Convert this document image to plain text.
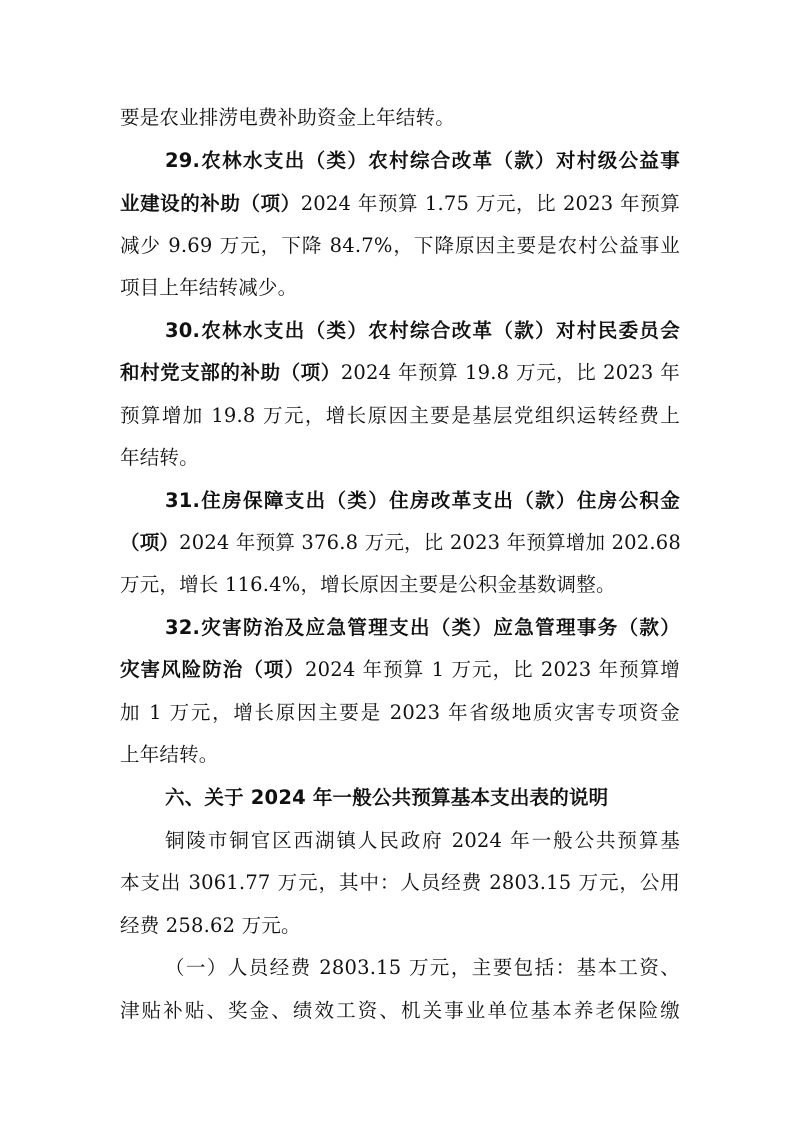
要是农业排涝电费补助资金上年结转。
29.农林水支出（类）农村综合改革（款）对村级公益事
业建设的补助（项）2024 年预算 1.75 万元，比 2023 年预算
减少 9.69 万元，下降 84.7%，下降原因主要是农村公益事业
项目上年结转减少。
30.农林水支出（类）农村综合改革（款）对村民委员会
和村党支部的补助（项）2024 年预算 19.8 万元，比 2023 年
预算增加 19.8 万元，增长原因主要是基层党组织运转经费上
年结转。
31.住房保障支出（类）住房改革支出（款）住房公积金
（项）2024 年预算 376.8 万元，比 2023 年预算增加 202.68
万元，增长 116.4%，增长原因主要是公积金基数调整。
32.灾害防治及应急管理支出（类）应急管理事务（款）
灾害风险防治（项）2024 年预算 1 万元，比 2023 年预算增
加 1 万元，增长原因主要是 2023 年省级地质灾害专项资金
上年结转。
六、关于 2024 年一般公共预算基本支出表的说明
铜陵市铜官区西湖镇人民政府 2024 年一般公共预算基
本支出 3061.77 万元，其中：人员经费 2803.15 万元，公用
经费 258.62 万元。
（一）人员经费 2803.15 万元，主要包括：基本工资、
津贴补贴、奖金、绩效工资、机关事业单位基本养老保险缴
